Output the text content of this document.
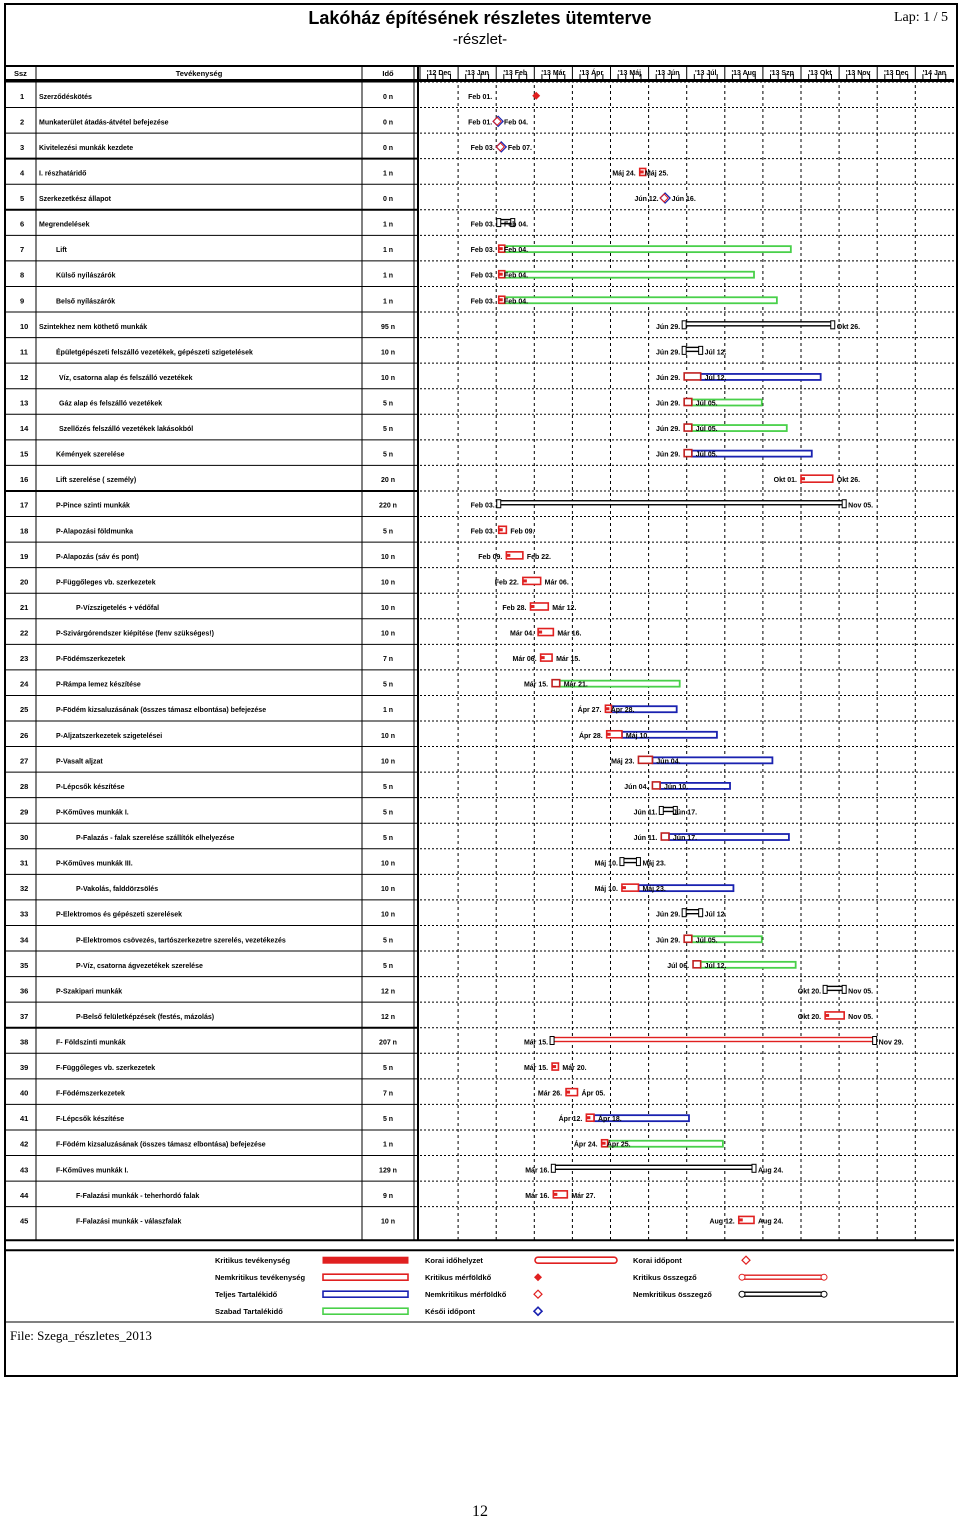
Lakóház építésének részletes ütemterve
-részlet-
Lap: 1 / 5
Ssz	Tevékenység	Idő	'12 Dec '13 Jan '13 Feb '13 Már '13 Ápr '13 Máj '13 Jún '13 Júl '13 Aug '13 Szp '13 Okt '13 Nov '13 Dec '14 Jan
1 Szerződéskötés	0 n	Feb 01.
2 Munkaterület átadás-átvétel befejezése	0 n	Feb 01. Feb 04.
3 Kivitelezési munkák kezdete	0 n	Feb 03. Feb 07.
4 I. részhatáridő	1 n	Máj 24. Máj 25.
5 Szerkezetkész állapot	0 n	Jún 12. Jún 16.
6 Megrendelések	1 n	Feb 03. Feb 04.
7	Lift	1 n	Feb 03. Feb 04.
8	Külső nyílászárók	1 n	Feb 03. Feb 04.
9	Belső nyílászárók	1 n	Feb 03. Feb 04.
10 Szintekhez nem köthető munkák	95 n	Jún 29.	Okt 26.
11	Épületgépészeti felszálló vezetékek, gépészeti szigetelések	10 n	Jún 29.	Júl 12.
12	Víz, csatorna alap és felszálló vezetékek	10 n	Jún 29.	Júl 12.
13	Gáz alap és felszálló vezetékek	5 n	Jún 29. Júl 05.
14	Szellőzés felszálló vezetékek lakásokból	5 n	Jún 29. Júl 05.
15	Kémények szerelése	5 n	Jún 29. Júl 05.
16	Lift szerelése ( személy)	20 n	Okt 01.	Okt 26.
17	P-Pince szinti munkák	220 n	Feb 03.	Nov 05.
18	P-Alapozási földmunka	5 n	Feb 03. Feb 09.
19	P-Alapozás (sáv és pont)	10 n	Feb 09.	Feb 22.
20	P-Függőleges vb. szerkezetek	10 n	Feb 22.	Már 06.
21	P-Vízszigetelés + védőfal	10 n	Feb 28.	Már 12.
22	P-Szivárgórendszer kiépítése (fenv szükséges!)	10 n	Már 04.	Már 16.
23	P-Födémszerkezetek	7 n	Már 06.	Már 15.
24	P-Rámpa lemez készítése	5 n	Már 15. Már 21.
25	P-Födém kizsaluzásának (összes támasz elbontása) befejezése	1 n	Ápr 27. Ápr 28.
26	P-Aljzatszerkezetek szigetelései	10 n	Ápr 28.	Máj 10.
27	P-Vasalt aljzat	10 n	Máj 23.	Jún 04.
28	P-Lépcsők készítése	5 n	Jún 04. Jún 10.
29	P-Kőműves munkák I.	5 n	Jún 11. Jún 17.
30	P-Falazás - falak szerelése szállítók elhelyezése	5 n	Jún 11. Jún 17.
31	P-Kőműves munkák III.	10 n	Máj 10.	Máj 23.
32	P-Vakolás, falddörzsölés	10 n	Máj 10.	Máj 23.
33	P-Elektromos és gépészeti szerelések	10 n	Jún 29.	Júl 12.
34	P-Elektromos csövezés, tartószerkezetre szerelés, vezetékezés	5 n	Jún 29. Júl 05.
35	P-Víz, csatorna ágvezetékek szerelése	5 n	Júl 06. Júl 12.
36	P-Szakipari munkák	12 n	Okt 20.	Nov 05.
37	P-Belső felületképzések (festés, mázolás)	12 n	Okt 20.	Nov 05.
38	F- Földszinti munkák	207 n	Már 15.	Nov 29.
39	F-Függőleges vb. szerkezetek	5 n	Már 15. Már 20.
40	F-Födémszerkezetek	7 n	Már 26.	Ápr 05.
41	F-Lépcsők készítése	5 n	Ápr 12. Ápr 18.
42	F-Födém kizsaluzásának (összes támasz elbontása) befejezése	1 n	Ápr 24. Ápr 25.
43	F-Kőműves munkák I.	129 n	Már 16.	Aug 24.
44	F-Falazási munkák - teherhordó falak	9 n	Már 16.	Már 27.
45	F-Falazási munkák - válaszfalak	10 n	Aug 12.	Aug 24.
Kritikus tevékenység
Nemkritikus tevékenység
Teljes Tartalékidő
Szabad Tartalékidő
Korai időhelyzet
Kritikus mérföldkő
Nemkritikus mérföldkő
Késői időpont
Korai időpont
Kritikus összegző
Nemkritikus összegző
File: Szega_részletes_2013
12
